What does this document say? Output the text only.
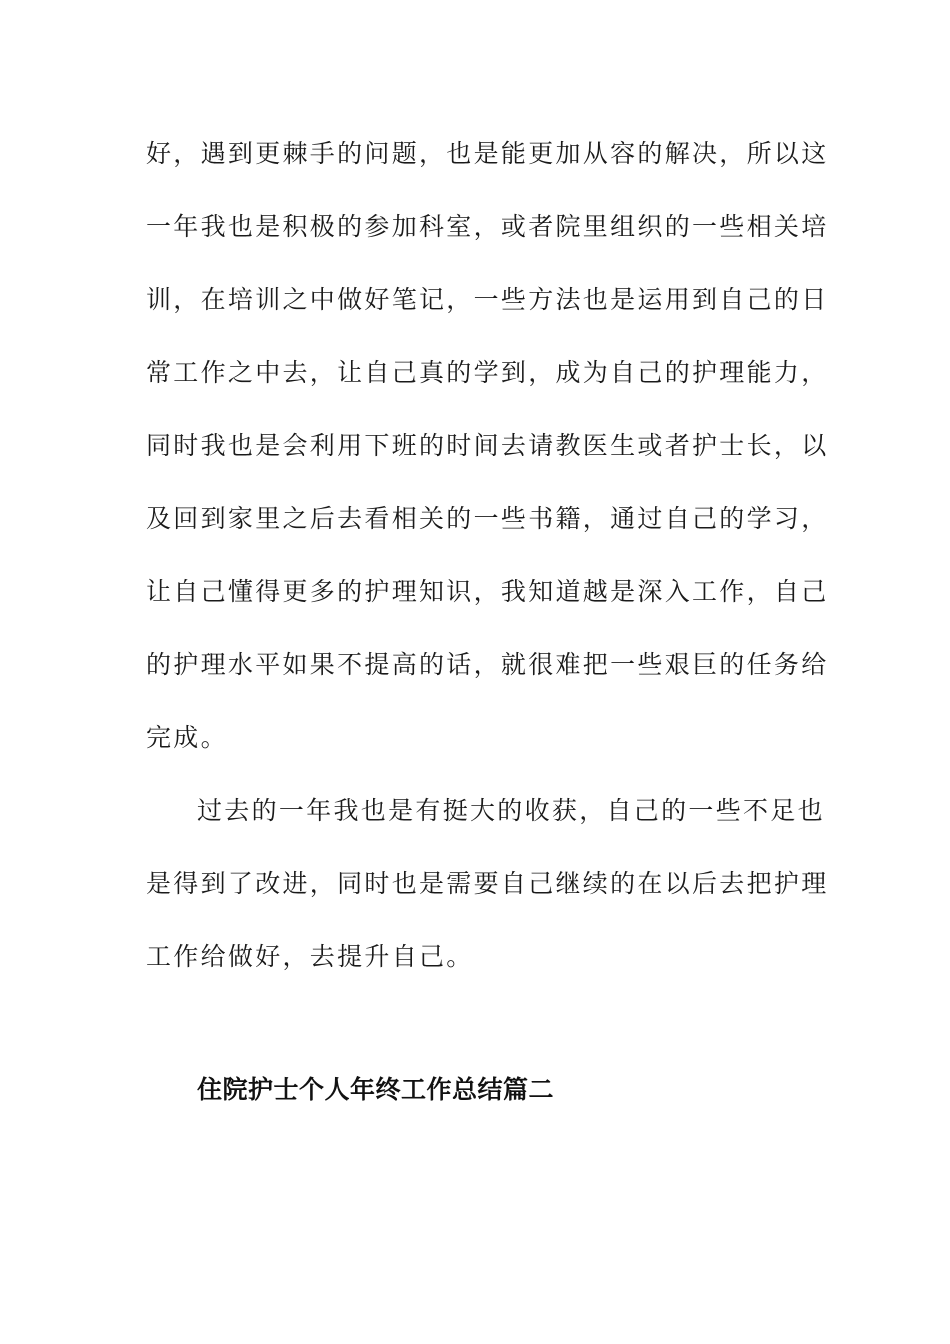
好，遇到更棘手的问题，也是能更加从容的解决，所以这
一年我也是积极的参加科室，或者院里组织的一些相关培
训，在培训之中做好笔记，一些方法也是运用到自己的日
常工作之中去，让自己真的学到，成为自己的护理能力，
同时我也是会利用下班的时间去请教医生或者护士长，以
及回到家里之后去看相关的一些书籍，通过自己的学习，
让自己懂得更多的护理知识，我知道越是深入工作，自己
的护理水平如果不提高的话，就很难把一些艰巨的任务给
完成。
过去的一年我也是有挺大的收获，自己的一些不足也
是得到了改进，同时也是需要自己继续的在以后去把护理
工作给做好，去提升自己。
住院护士个人年终工作总结篇二
